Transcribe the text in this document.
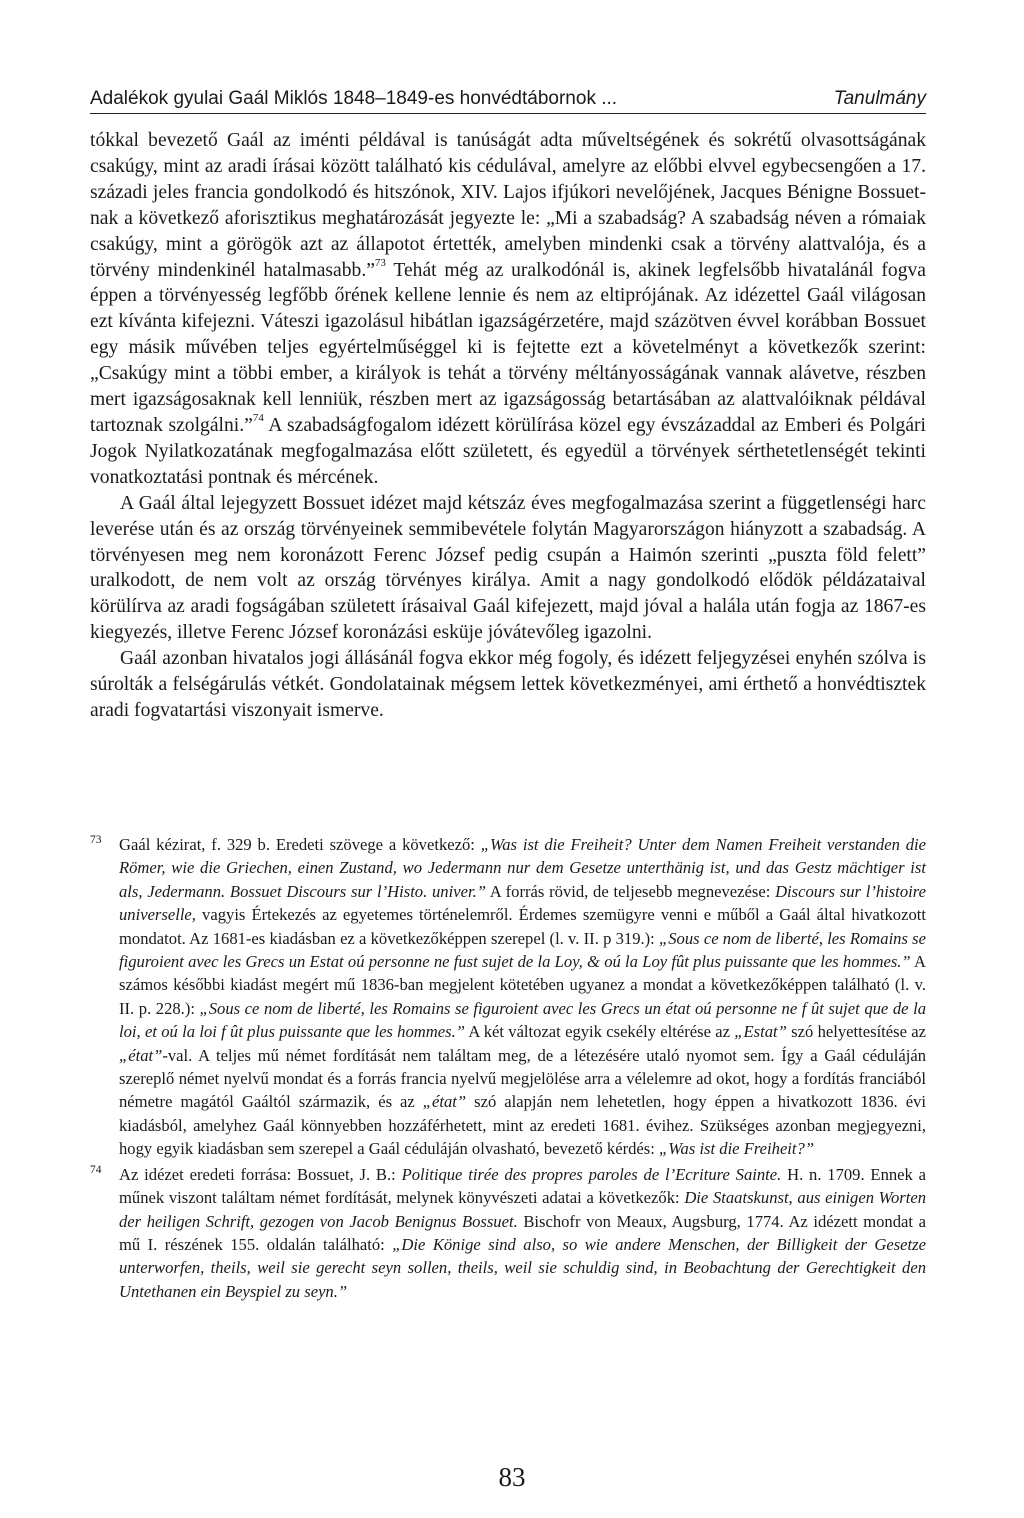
Adalékok gyulai Gaál Miklós 1848–1849-es honvédtábornok ...	Tanulmány

tókkal bevezető Gaál az iménti példával is tanúságát adta műveltségének és sokrétű olvasottságának csakúgy, mint az aradi írásai között található kis cédulával, amelyre az előbbi elvvel egybecsengően a 17. századi jeles francia gondolkodó és hitszónok, XIV. Lajos ifjúkori nevelőjének, Jacques Bénigne Bossuet-nak a következő aforisztikus meghatározását jegyezte le: „Mi a szabadság? A szabadság néven a rómaiak csakúgy, mint a görögök azt az állapotot értették, amelyben mindenki csak a törvény alattvalója, és a törvény mindenkinél hatalmasabb.”$^{73}$ Tehát még az uralkodónál is, akinek legfelsőbb hivatalánál fogva éppen a törvényesség legfőbb őrének kellene lennie és nem az eltiprójának. Az idézettel Gaál világosan ezt kívánta kifejezni. Váteszi igazolásul hibátlan igazságérzetére, majd százötven évvel korábban Bossuet egy másik művében teljes egyértelműséggel ki is fejtette ezt a követelményt a következők szerint: „Csakúgy mint a többi ember, a királyok is tehát a törvény méltányosságának vannak alávetve, részben mert igazságosaknak kell lenniük, részben mert az igazságosság betartásában az alattvalóiknak példával tartoznak szolgálni.”$^{74}$ A szabadságfogalom idézett körülírása közel egy évszázaddal az Emberi és Polgári Jogok Nyilatkozatának megfogalmazása előtt született, és egyedül a törvények sérthetetlenségét tekinti vonatkoztatási pontnak és mércének.

A Gaál által lejegyzett Bossuet idézet majd kétszáz éves megfogalmazása szerint a függetlenségi harc leverése után és az ország törvényeinek semmibevétele folytán Magyarországon hiányzott a szabadság. A törvényesen meg nem koronázott Ferenc József pedig csupán a Haimón szerinti „puszta föld felett” uralkodott, de nem volt az ország törvényes királya. Amit a nagy gondolkodó elődök példázataival körülírva az aradi fogságában született írásaival Gaál kifejezett, majd jóval a halála után fogja az 1867-es kiegyezés, illetve Ferenc József koronázási esküje jóvátevőleg igazolni.

Gaál azonban hivatalos jogi állásánál fogva ekkor még fogoly, és idézett feljegyzései enyhén szólva is súrolták a felségárulás vétkét. Gondolatainak mégsem lettek következményei, ami érthető a honvédtisztek aradi fogvatartási viszonyait ismerve.

73 Gaál kézirat, f. 329 b. Eredeti szövege a következő: „Was ist die Freiheit? Unter dem Namen Freiheit verstanden die Römer, wie die Griechen, einen Zustand, wo Jedermann nur dem Gesetze unterthänig ist, und das Gestz mächtiger ist als, Jedermann. Bossuet Discours sur l’Histo. univer.” A forrás rövid, de teljesebb megnevezése: Discours sur l’histoire universelle, vagyis Értekezés az egyetemes történelemről. Érdemes szemügyre venni e műből a Gaál által hivatkozott mondatot. Az 1681-es kiadásban ez a következőképpen szerepel (l. v. II. p 319.): „Sous ce nom de liberté, les Romains se figuroient avec les Grecs un Estat oú personne ne fust sujet de la Loy, & oú la Loy fût plus puissante que les hommes.” A számos későbbi kiadást megért mű 1836-ban megjelent kötetében ugyanez a mondat a következőképpen található (l. v. II. p. 228.): „Sous ce nom de liberté, les Romains se figuroient avec les Grecs un état oú personne ne f ût sujet que de la loi, et oú la loi f ût plus puissante que les hommes.” A két változat egyik csekély eltérése az „Estat” szó helyettesítése az „état”-val. A teljes mű német fordítását nem találtam meg, de a létezésére utaló nyomot sem. Így a Gaál céduláján szereplő német nyelvű mondat és a forrás francia nyelvű megjelölése arra a vélelemre ad okot, hogy a fordítás franciából németre magától Gaáltól származik, és az „état” szó alapján nem lehetetlen, hogy éppen a hivatkozott 1836. évi kiadásból, amelyhez Gaál könnyebben hozzáférhetett, mint az eredeti 1681. évihez. Szükséges azonban megjegyezni, hogy egyik kiadásban sem szerepel a Gaál céduláján olvasható, bevezető kérdés: „Was ist die Freiheit?”
74 Az idézet eredeti forrása: Bossuet, J. B.: Politique tirée des propres paroles de l’Ecriture Sainte. H. n. 1709. Ennek a műnek viszont találtam német fordítását, melynek könyvészeti adatai a következők: Die Staatskunst, aus einigen Worten der heiligen Schrift, gezogen von Jacob Benignus Bossuet. Bischofr von Meaux, Augsburg, 1774. Az idézett mondat a mű I. részének 155. oldalán található: „Die Könige sind also, so wie andere Menschen, der Billigkeit der Gesetze unterworfen, theils, weil sie gerecht seyn sollen, theils, weil sie schuldig sind, in Beobachtung der Gerechtigkeit den Untethanen ein Beyspiel zu seyn.”
83
